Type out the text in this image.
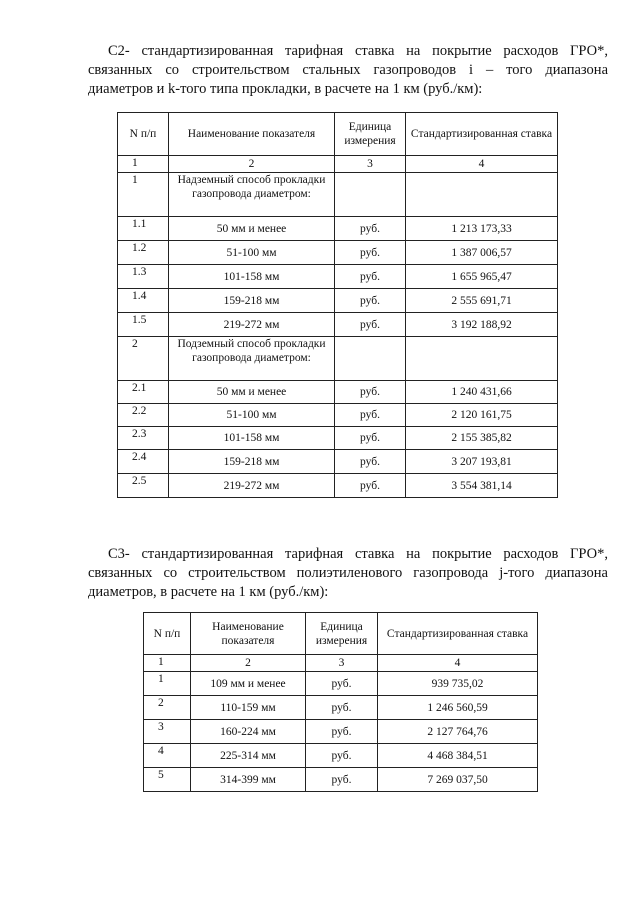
C2- стандартизированная тарифная ставка на покрытие расходов ГРО*,
связанных со строительством стальных газопроводов i – того диапазона
диаметров и k-того типа прокладки, в расчете на 1 км (руб./км):
N п/п	Наименование показателя	Единица измерения	Стандартизированная ставка
1	2	3	4
1	Надземный способ прокладки газопровода диаметром:		
1.1	50 мм и менее	руб.	1 213 173,33
1.2	51-100 мм	руб.	1 387 006,57
1.3	101-158 мм	руб.	1 655 965,47
1.4	159-218 мм	руб.	2 555 691,71
1.5	219-272 мм	руб.	3 192 188,92
2	Подземный способ прокладки газопровода диаметром:		
2.1	50 мм и менее	руб.	1 240 431,66
2.2	51-100 мм	руб.	2 120 161,75
2.3	101-158 мм	руб.	2 155 385,82
2.4	159-218 мм	руб.	3 207 193,81
2.5	219-272 мм	руб.	3 554 381,14
C3- стандартизированная тарифная ставка на покрытие расходов ГРО*,
связанных со строительством полиэтиленового газопровода j-того диапазона
диаметров, в расчете на 1 км (руб./км):
N п/п	Наименование показателя	Единица измерения	Стандартизированная ставка
1	2	3	4
1	109 мм и менее	руб.	939 735,02
2	110-159 мм	руб.	1 246 560,59
3	160-224 мм	руб.	2 127 764,76
4	225-314 мм	руб.	4 468 384,51
5	314-399 мм	руб.	7 269 037,50
